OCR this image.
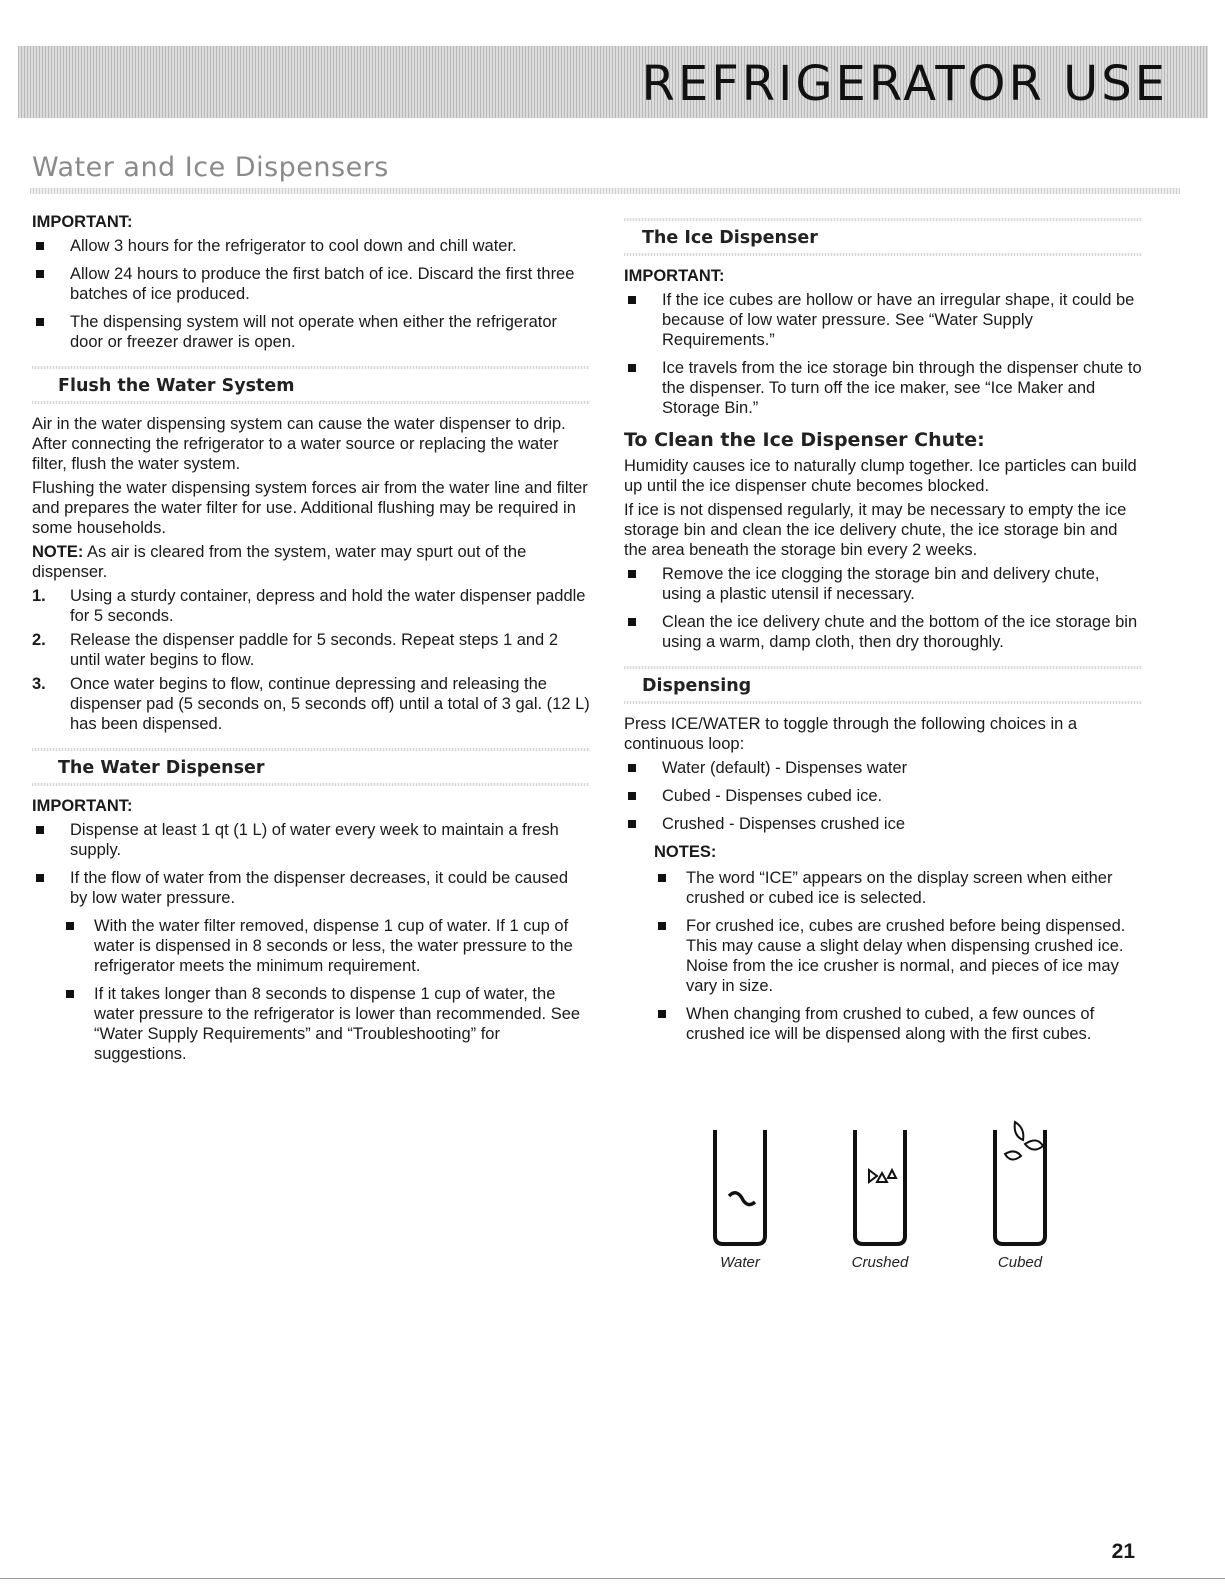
REFRIGERATOR USE
Water and Ice Dispensers
IMPORTANT:
Allow 3 hours for the refrigerator to cool down and chill water.
Allow 24 hours to produce the first batch of ice. Discard the first three batches of ice produced.
The dispensing system will not operate when either the refrigerator door or freezer drawer is open.
Flush the Water System

Air in the water dispensing system can cause the water dispenser to drip. After connecting the refrigerator to a water source or replacing the water filter, flush the water system.

Flushing the water dispensing system forces air from the water line and filter and prepares the water filter for use. Additional flushing may be required in some households.

NOTE: As air is cleared from the system, water may spurt out of the dispenser.

1. Using a sturdy container, depress and hold the water dispenser paddle for 5 seconds.
2. Release the dispenser paddle for 5 seconds. Repeat steps 1 and 2 until water begins to flow.
3. Once water begins to flow, continue depressing and releasing the dispenser pad (5 seconds on, 5 seconds off) until a total of 3 gal. (12 L) has been dispensed.
The Water Dispenser
IMPORTANT:
Dispense at least 1 qt (1 L) of water every week to maintain a fresh supply.
If the flow of water from the dispenser decreases, it could be caused by low water pressure.
With the water filter removed, dispense 1 cup of water. If 1 cup of water is dispensed in 8 seconds or less, the water pressure to the refrigerator meets the minimum requirement.
If it takes longer than 8 seconds to dispense 1 cup of water, the water pressure to the refrigerator is lower than recommended. See “Water Supply Requirements” and “Troubleshooting” for suggestions.
The Ice Dispenser
IMPORTANT:
If the ice cubes are hollow or have an irregular shape, it could be because of low water pressure. See “Water Supply Requirements.”
Ice travels from the ice storage bin through the dispenser chute to the dispenser. To turn off the ice maker, see “Ice Maker and Storage Bin.”
To Clean the Ice Dispenser Chute:

Humidity causes ice to naturally clump together. Ice particles can build up until the ice dispenser chute becomes blocked.

If ice is not dispensed regularly, it may be necessary to empty the ice storage bin and clean the ice delivery chute, the ice storage bin and the area beneath the storage bin every 2 weeks.

Remove the ice clogging the storage bin and delivery chute, using a plastic utensil if necessary.
Clean the ice delivery chute and the bottom of the ice storage bin using a warm, damp cloth, then dry thoroughly.
Dispensing

Press ICE/WATER to toggle through the following choices in a continuous loop:

Water (default) - Dispenses water
Cubed - Dispenses cubed ice.
Crushed - Dispenses crushed ice
NOTES:
The word “ICE” appears on the display screen when either crushed or cubed ice is selected.
For crushed ice, cubes are crushed before being dispensed. This may cause a slight delay when dispensing crushed ice. Noise from the ice crusher is normal, and pieces of ice may vary in size.
When changing from crushed to cubed, a few ounces of crushed ice will be dispensed along with the first cubes.
Water	Crushed	Cubed
21
